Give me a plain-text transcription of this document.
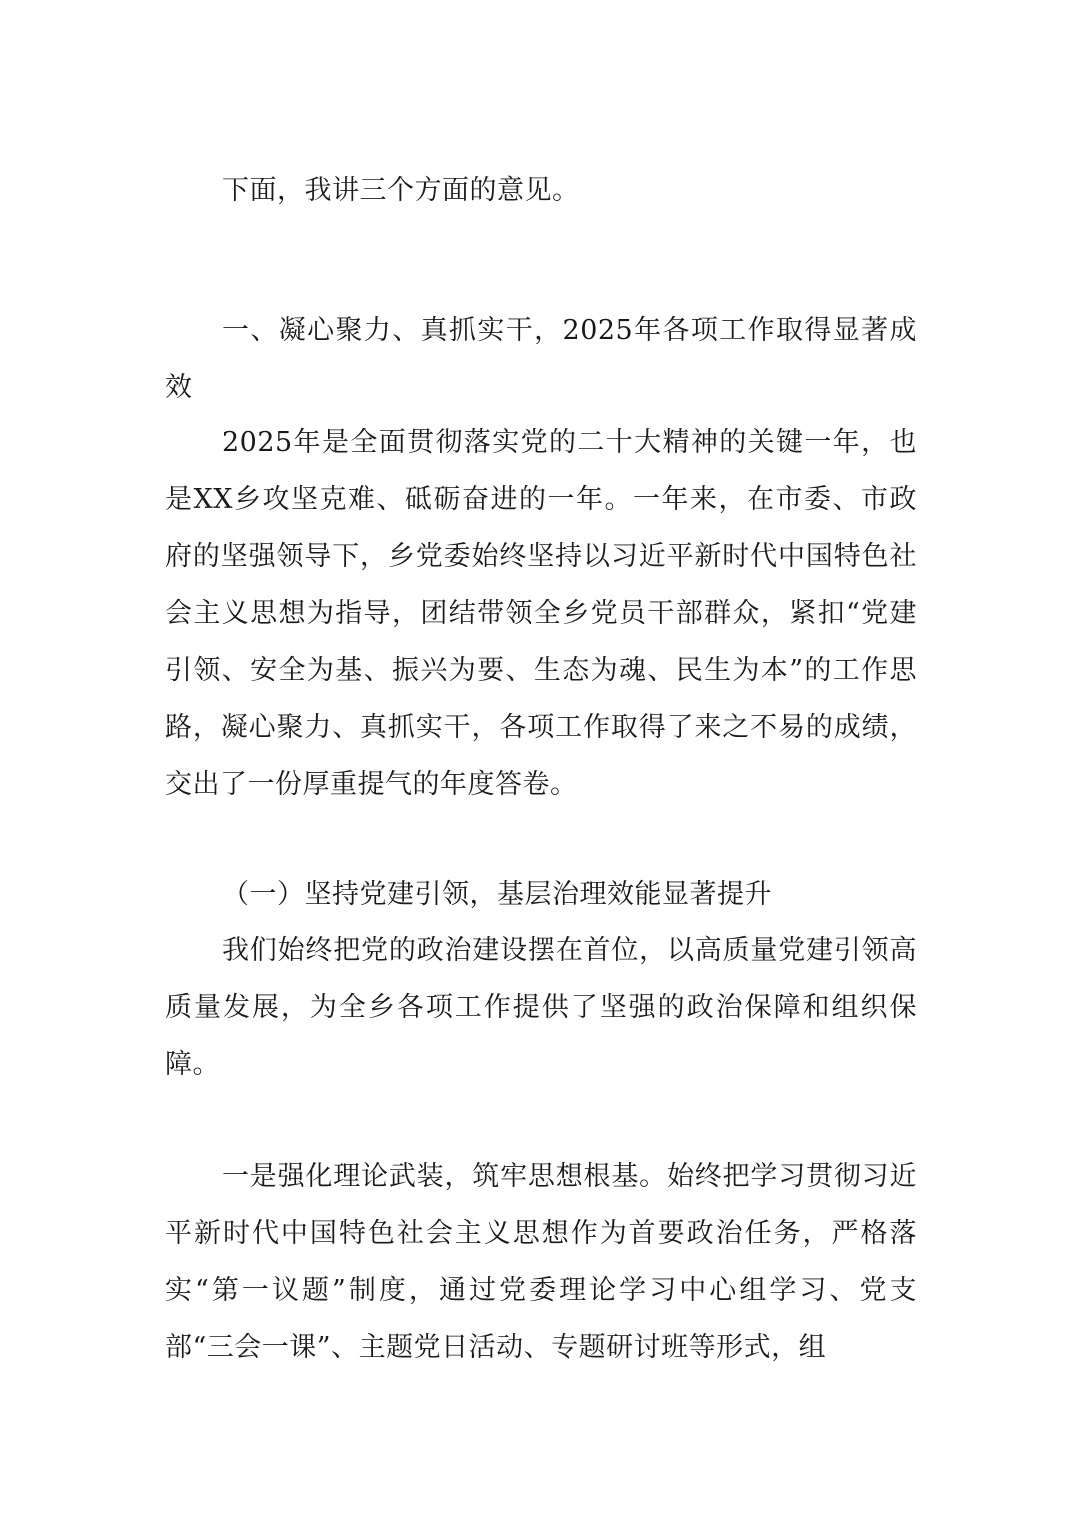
下面，我讲三个方面的意见。

一、凝心聚力、真抓实干，2025年各项工作取得显著成效

2025年是全面贯彻落实党的二十大精神的关键一年，也是XX乡攻坚克难、砥砺奋进的一年。一年来，在市委、市政府的坚强领导下，乡党委始终坚持以习近平新时代中国特色社会主义思想为指导，团结带领全乡党员干部群众，紧扣“党建引领、安全为基、振兴为要、生态为魂、民生为本”的工作思路，凝心聚力、真抓实干，各项工作取得了来之不易的成绩，交出了一份厚重提气的年度答卷。

（一）坚持党建引领，基层治理效能显著提升

我们始终把党的政治建设摆在首位，以高质量党建引领高质量发展，为全乡各项工作提供了坚强的政治保障和组织保障。

一是强化理论武装，筑牢思想根基。始终把学习贯彻习近平新时代中国特色社会主义思想作为首要政治任务，严格落实“第一议题”制度，通过党委理论学习中心组学习、党支部“三会一课”、主题党日活动、专题研讨班等形式，组
